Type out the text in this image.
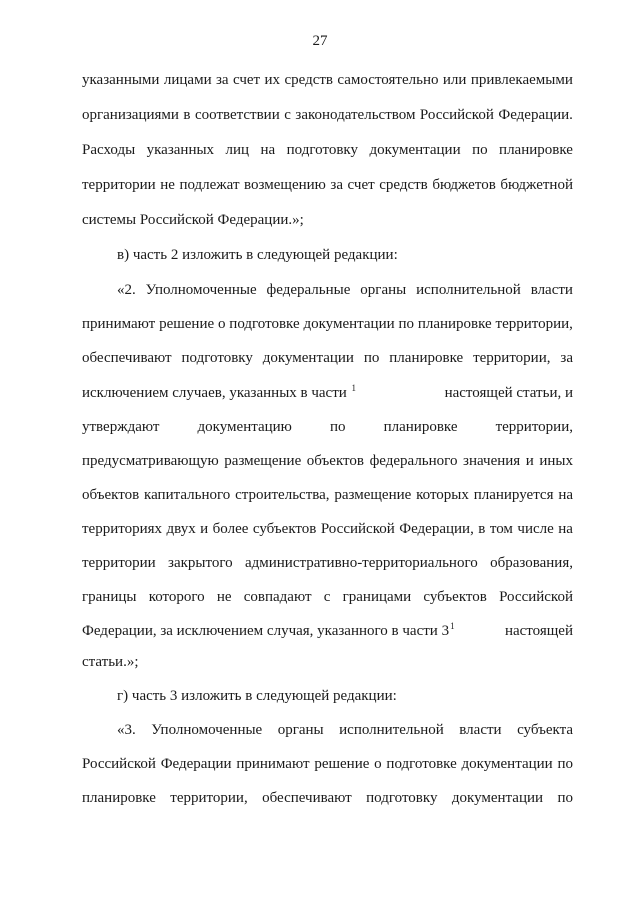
27
указанными лицами за счет их средств самостоятельно или привлекаемыми
организациями в соответствии с законодательством Российской Федерации.
Расходы указанных лиц на подготовку документации по планировке
территории не подлежат возмещению за счет средств бюджетов бюджетной
системы Российской Федерации.»;
в) часть 2 изложить в следующей редакции:
«2. Уполномоченные федеральные органы исполнительной власти
принимают решение о подготовке документации по планировке территории,
обеспечивают подготовку документации по планировке территории, за
исключением случаев, указанных в части $^1$	настоящей статьи, и
утверждают	документацию	по	планировке	территории,
предусматривающую размещение объектов федерального значения и иных
объектов капитального строительства, размещение которых планируется на
территориях двух и более субъектов Российской Федерации, в том числе на
территории закрытого административно-территориального образования,
границы которого не совпадают с границами субъектов Российской
Федерации, за исключением случая, указанного в части $3^1$	настоящей
статьи.»;
г) часть 3 изложить в следующей редакции:
«3. Уполномоченные органы исполнительной власти субъекта
Российской Федерации принимают решение о подготовке документации по
планировке территории, обеспечивают подготовку документации по
